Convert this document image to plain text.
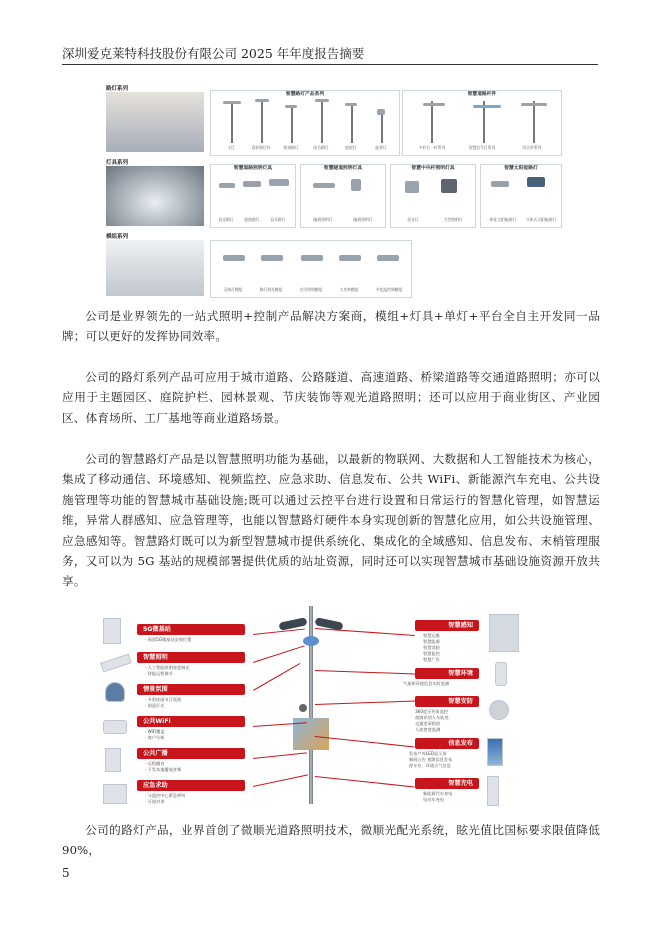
深圳爱克莱特科技股份有限公司 2025 年年度报告摘要
路灯系列
智慧路灯产品系列
主灯	双杆路灯杆	景观路灯	综合路灯	庭院灯	庭景灯
智慧道路杆件
多杆合一杆系列	智慧信号灯系列	综合杆系列
灯具系列
智慧道路照明灯具
投光路灯	庭院路灯	双头路灯
智慧隧道照明灯具
隧道照明灯	隧道照明灯
智慧中央杆照明灯具
投光灯	大型照明灯
智慧太阳能路灯
一体化太阳能路灯	分体式太阳能路灯
模组系列
无路灯模组	路灯调光模组	光学照明模组	大功率模组	多色温控调模组

公司是业界领先的一站式照明+控制产品解决方案商，模组+灯具+单灯+平台全自主开发同一品牌；可以更好的发挥协同效率。

公司的路灯系列产品可应用于城市道路、公路隧道、高速道路、桥梁道路等交通道路照明；亦可以应用于主题园区、庭院护栏、园林景观、节庆装饰等观光道路照明；还可以应用于商业街区、产业园区、体育场所、工厂基地等商业道路场景。

公司的智慧路灯产品是以智慧照明功能为基础，以最新的物联网、大数据和人工智能技术为核心，集成了移动通信、环境感知、视频监控、应急求助、信息发布、公共 WiFi、新能源汽车充电、公共设施管理等功能的智慧城市基础设施;既可以通过云控平台进行设置和日常运行的智慧化管理，如智慧运维，异常人群感知、应急管理等，也能以智慧路灯硬件本身实现创新的智慧化应用，如公共设施管理、应急感知等。智慧路灯既可以为新型智慧城市提供系统化、集成化的全域感知、信息发布、末梢管理服务，又可以为 5G 基站的规模部署提供优质的站址资源，同时还可以实现智慧城市基础设施资源开放共享。

5G微基站
· 预留5G微基站安装位置
智慧照明
· 人工智能照明亮度调光
· 智能远程调节
情景氛围
· 多彩炫丽节日氛围
· 创意灯光
公共WiFi
· WiFi覆盖
· 客户分析
公共广播
· 远程播音
· 下发本地播放音频
应急求助
· 与监控中心紧急呼叫
· 可视对讲
智慧感知
智慧运维
智慧能源
智慧消防
智慧监控
智慧广告
智慧环境
气象和环境信息实时监测
智慧安防
360度无死角监控
视频识别人车轨迹
交通违章抓拍
人流密度监测
信息发布
发布户外LED显示屏
新闻公告 视频信息发布
停车位、环境天气信息
智慧充电
新能源汽车充电
电动车充电

公司的路灯产品，业界首创了微顺光道路照明技术，微顺光配光系统，眩光值比国标要求限值降低 90%，

5
